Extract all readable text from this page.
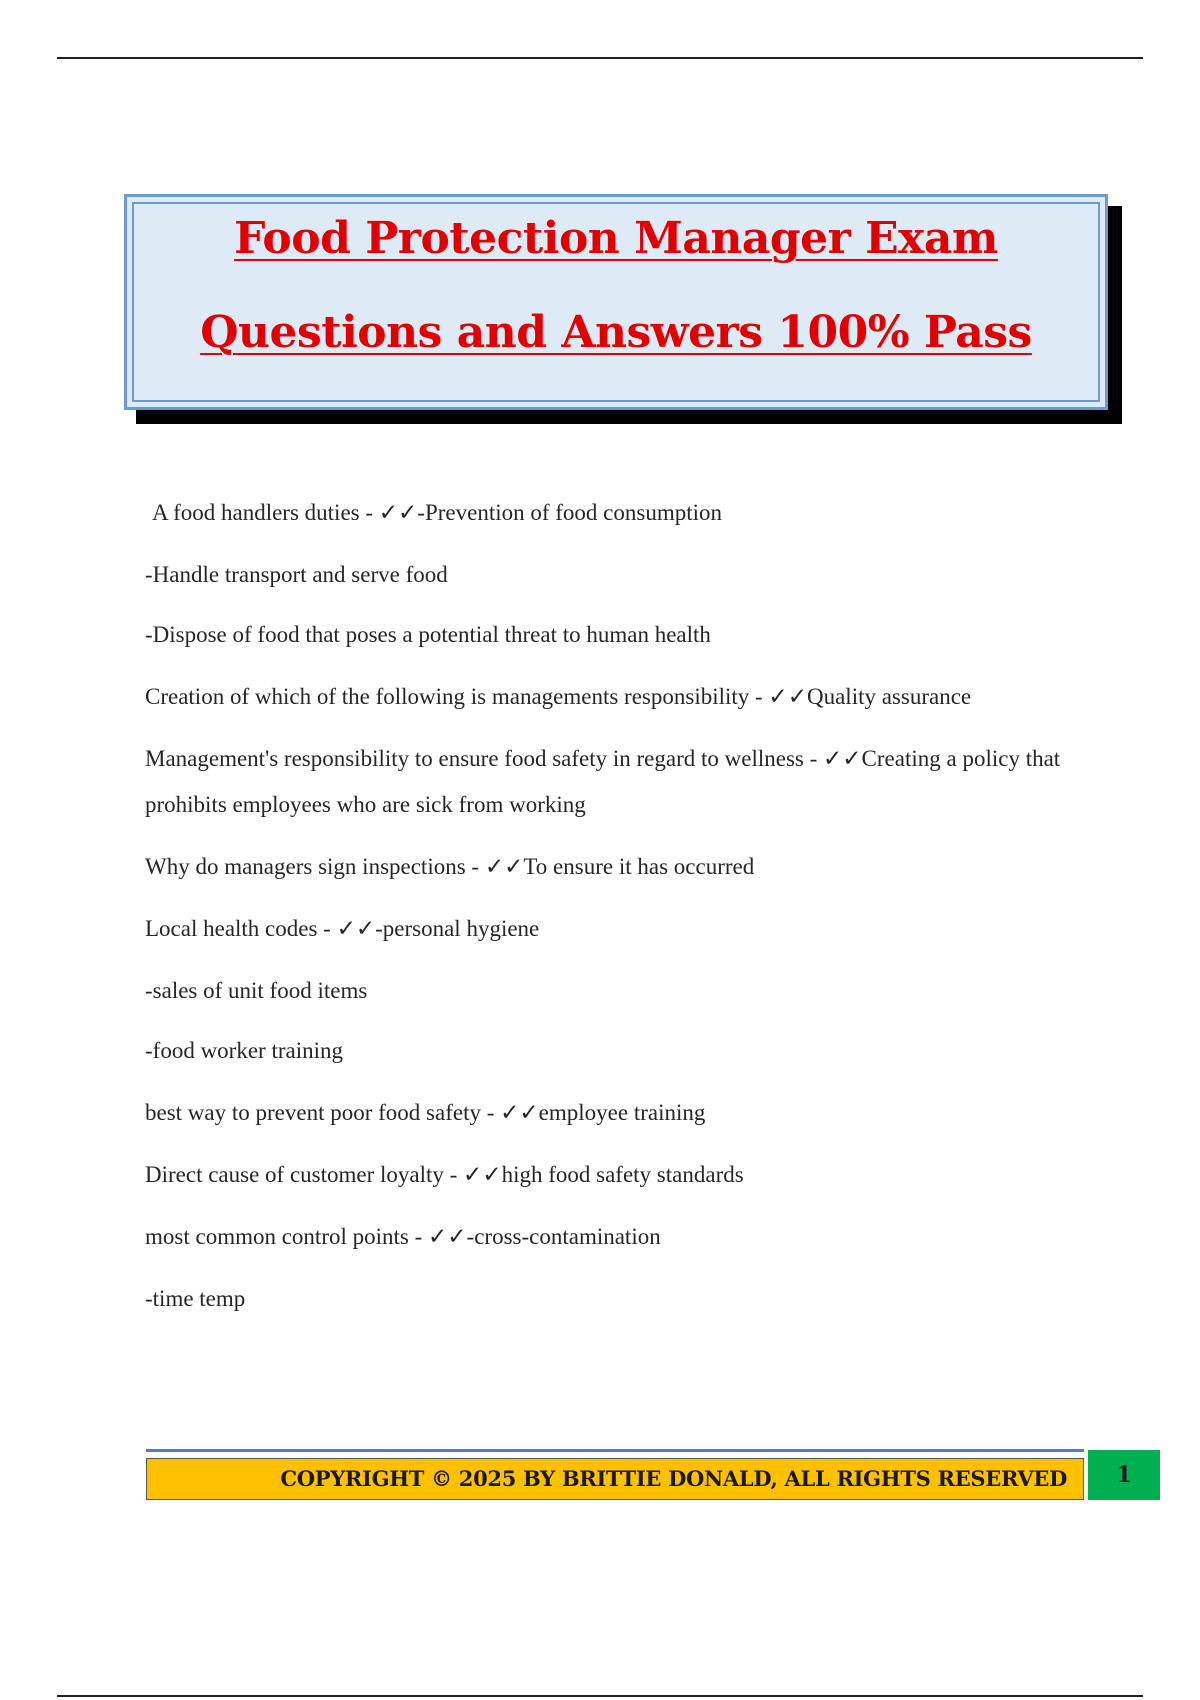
Food Protection Manager Exam
Questions and Answers 100% Pass

A food handlers duties - ✓✓-Prevention of food consumption

-Handle transport and serve food

-Dispose of food that poses a potential threat to human health

Creation of which of the following is managements responsibility - ✓✓Quality assurance

Management's responsibility to ensure food safety in regard to wellness - ✓✓Creating a policy that prohibits employees who are sick from working

Why do managers sign inspections - ✓✓To ensure it has occurred

Local health codes - ✓✓-personal hygiene

-sales of unit food items

-food worker training

best way to prevent poor food safety - ✓✓employee training

Direct cause of customer loyalty - ✓✓high food safety standards

most common control points - ✓✓-cross-contamination

-time temp

COPYRIGHT © 2025 BY BRITTIE DONALD, ALL RIGHTS RESERVED	1
